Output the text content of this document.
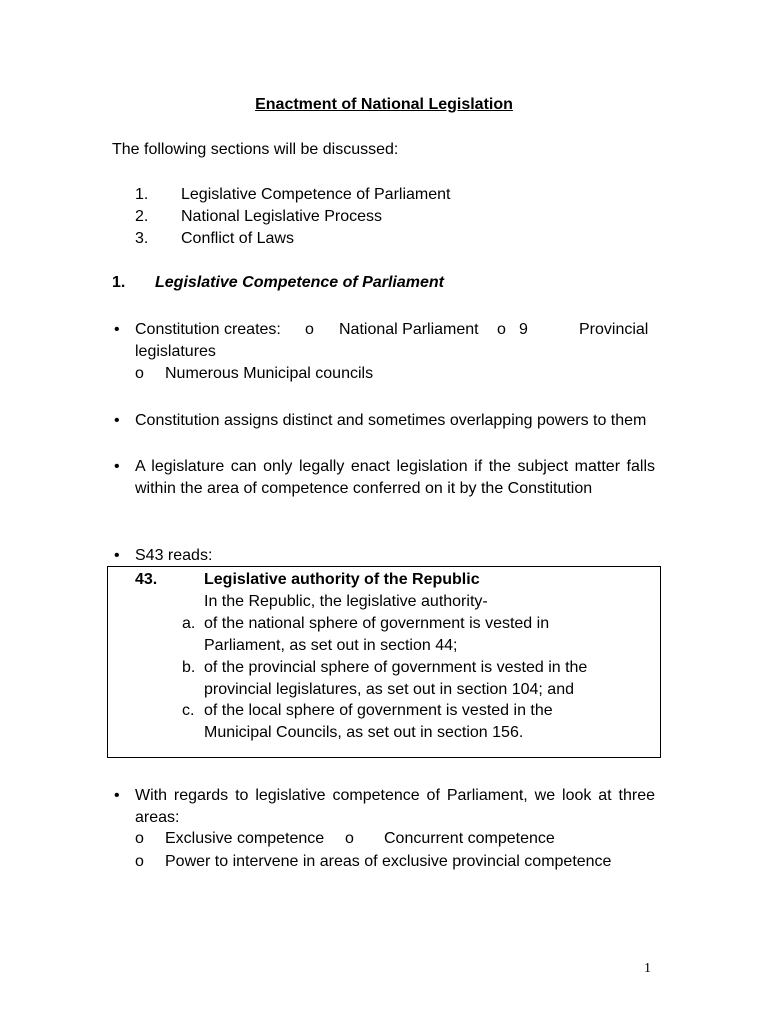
Enactment of National Legislation
The following sections will be discussed:
1. Legislative Competence of Parliament
2. National Legislative Process
3. Conflict of Laws
1. Legislative Competence of Parliament
• Constitution creates: o National Parliament o 9	Provincial
legislatures
o Numerous Municipal councils
• Constitution assigns distinct and sometimes overlapping powers to them
• A legislature can only legally enact legislation if the subject matter falls within the area of competence conferred on it by the Constitution
• S43 reads:
43.	Legislative authority of the Republic
In the Republic, the legislative authority-
a. of the national sphere of government is vested in Parliament, as set out in section 44;
b. of the provincial sphere of government is vested in the provincial legislatures, as set out in section 104; and
c. of the local sphere of government is vested in the Municipal Councils, as set out in section 156.
• With regards to legislative competence of Parliament, we look at three areas:
o Exclusive competence o Concurrent competence
o Power to intervene in areas of exclusive provincial competence
1
